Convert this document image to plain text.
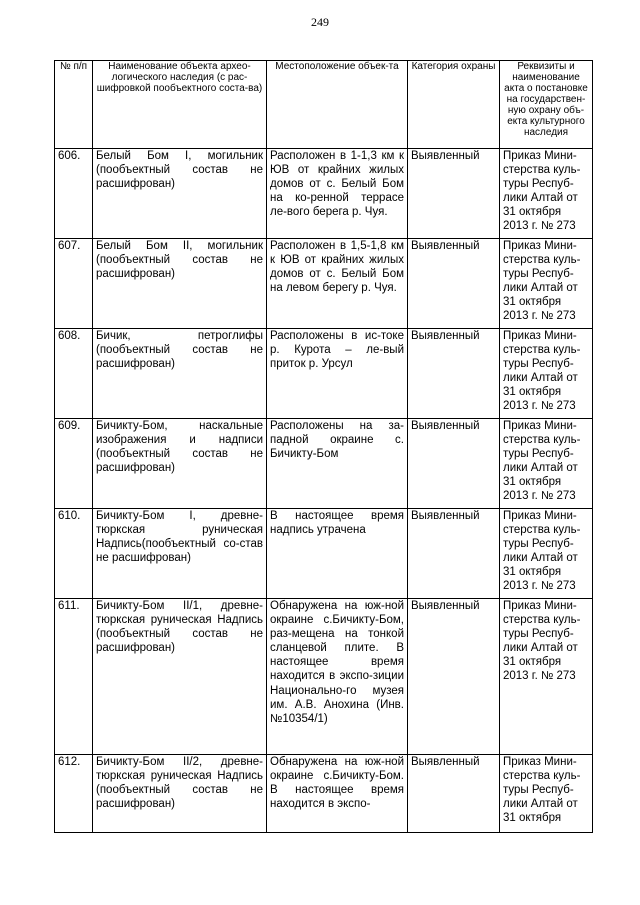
249
№ п/п	Наименование объекта архео-логического наследия (с рас-шифровкой пообъектного соста-ва)	Местоположение объек-та	Категория охраны	Реквизиты и наименование акта о постановке на государствен-ную охрану объ-екта культурного наследия
606.	Белый Бом I, могильник (пообъектный состав не расшифрован)	Расположен в 1-1,3 км к ЮВ от крайних жилых домов от с. Белый Бом на ко-ренной террасе ле-вого берега р. Чуя.	Выявленный	Приказ Мини-стерства куль-туры Респуб-лики Алтай от 31 октября 2013 г. № 273
607.	Белый Бом II, могильник (пообъектный состав не расшифрован)	Расположен в 1,5-1,8 км к ЮВ от крайних жилых домов от с. Белый Бом на левом берегу р. Чуя.	Выявленный	Приказ Мини-стерства куль-туры Респуб-лики Алтай от 31 октября 2013 г. № 273
608.	Бичик, петроглифы (пообъектный состав не расшифрован)	Расположены в ис-токе р. Курота – ле-вый приток р. Урсул	Выявленный	Приказ Мини-стерства куль-туры Респуб-лики Алтай от 31 октября 2013 г. № 273
609.	Бичикту-Бом, наскальные изображения и надписи (пообъектный состав не расшифрован)	Расположены на за-падной окраине с. Бичикту-Бом	Выявленный	Приказ Мини-стерства куль-туры Респуб-лики Алтай от 31 октября 2013 г. № 273
610.	Бичикту-Бом I, древне-тюркская руническая Надпись(пообъектный со-став не расшифрован)	В настоящее время надпись утрачена	Выявленный	Приказ Мини-стерства куль-туры Респуб-лики Алтай от 31 октября 2013 г. № 273
611.	Бичикту-Бом II/1, древне-тюркская руническая Надпись (пообъектный состав не расшифрован)	Обнаружена на юж-ной окраине с.Бичикту-Бом, раз-мещена на тонкой сланцевой плите. В настоящее время находится в экспо-зиции Национально-го музея им. А.В. Анохина (Инв. №10354/1)	Выявленный	Приказ Мини-стерства куль-туры Респуб-лики Алтай от 31 октября 2013 г. № 273
612.	Бичикту-Бом II/2, древне-тюркская руническая Надпись (пообъектный состав не расшифрован)	Обнаружена на юж-ной окраине с.Бичикту-Бом. В настоящее время находится в экспо-	Выявленный	Приказ Мини-стерства куль-туры Респуб-лики Алтай от 31 октября
